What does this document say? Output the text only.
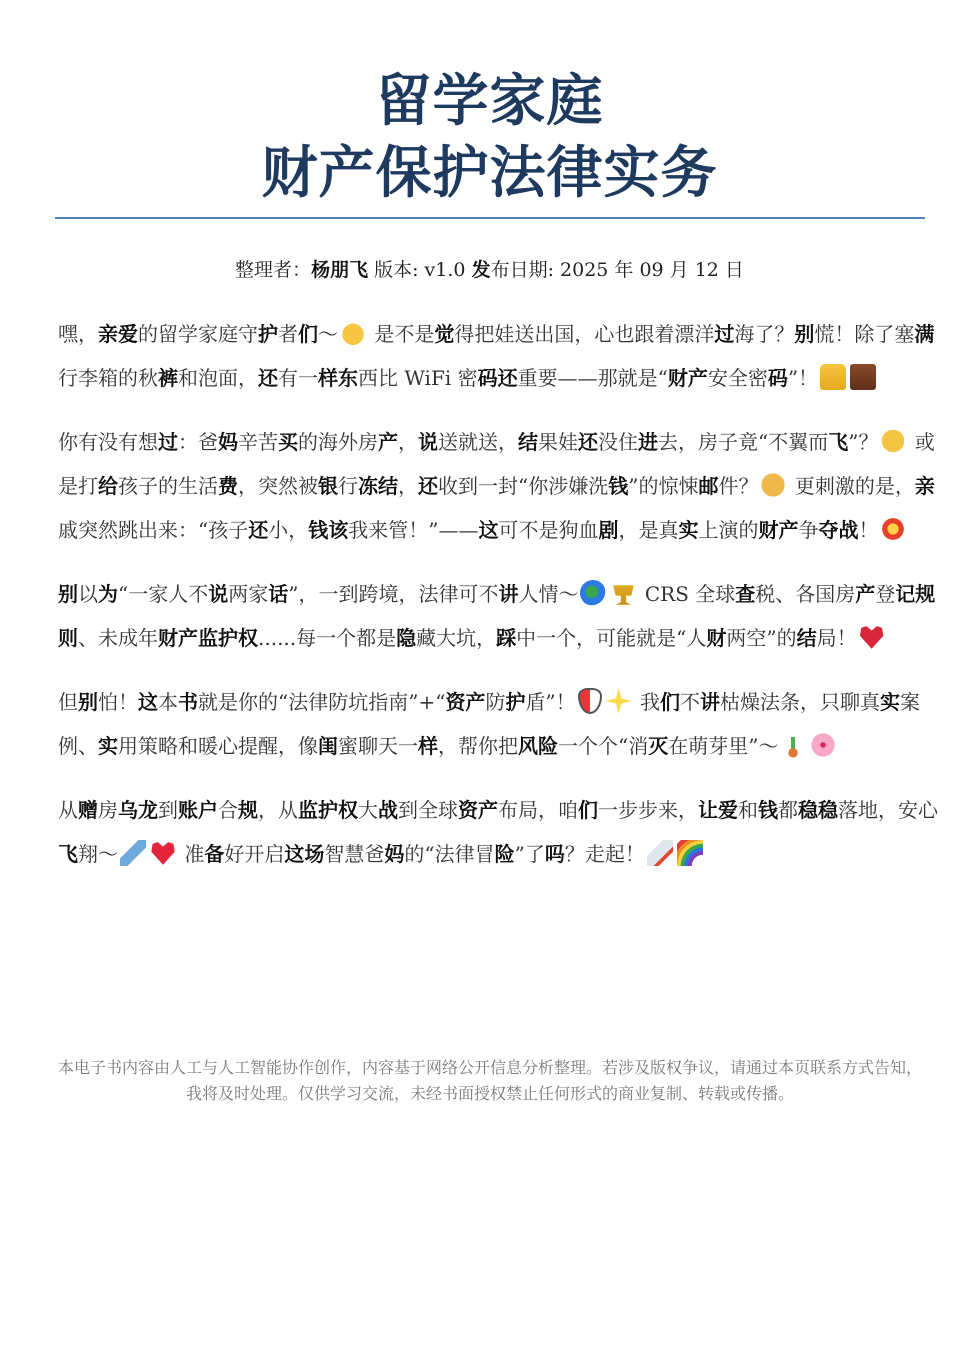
留学家庭
财产保护法律实务
整理者：杨朋飞 版本: v1.0 发布日期: 2025 年 09 月 12 日

嘿，亲爱的留学家庭守护者们～ 是不是觉得把娃送出国，心也跟着漂洋过海了？别慌！除了塞满行李箱的秋裤和泡面，还有一样东西比 WiFi 密码还重要——那就是“财产安全密码”！

你有没有想过：爸妈辛苦买的海外房产，说送就送，结果娃还没住进去，房子竟“不翼而飞”？ 或是打给孩子的生活费，突然被银行冻结，还收到一封“你涉嫌洗钱”的惊悚邮件？ 更刺激的是，亲戚突然跳出来：“孩子还小，钱该我来管！”——这可不是狗血剧，是真实上演的财产争夺战！

别以为“一家人不说两家话”，一到跨境，法律可不讲人情～	CRS 全球查税、各国房产登记规则、未成年财产监护权......每一个都是隐藏大坑，踩中一个，可能就是“人财两空”的结局！

但别怕！这本书就是你的“法律防坑指南”+“资产防护盾”！	我们不讲枯燥法条，只聊真实案例、实用策略和暖心提醒，像闺蜜聊天一样，帮你把风险一个个“消灭在萌芽里”～

从赠房乌龙到账户合规，从监护权大战到全球资产布局，咱们一步步来，让爱和钱都稳稳落地，安心飞翔～	准备好开启这场智慧爸妈的“法律冒险”了吗？走起！

本电子书内容由人工与人工智能协作创作，内容基于网络公开信息分析整理。若涉及版权争议，请通过本页联系方式告知，我将及时处理。仅供学习交流，未经书面授权禁止任何形式的商业复制、转载或传播。
